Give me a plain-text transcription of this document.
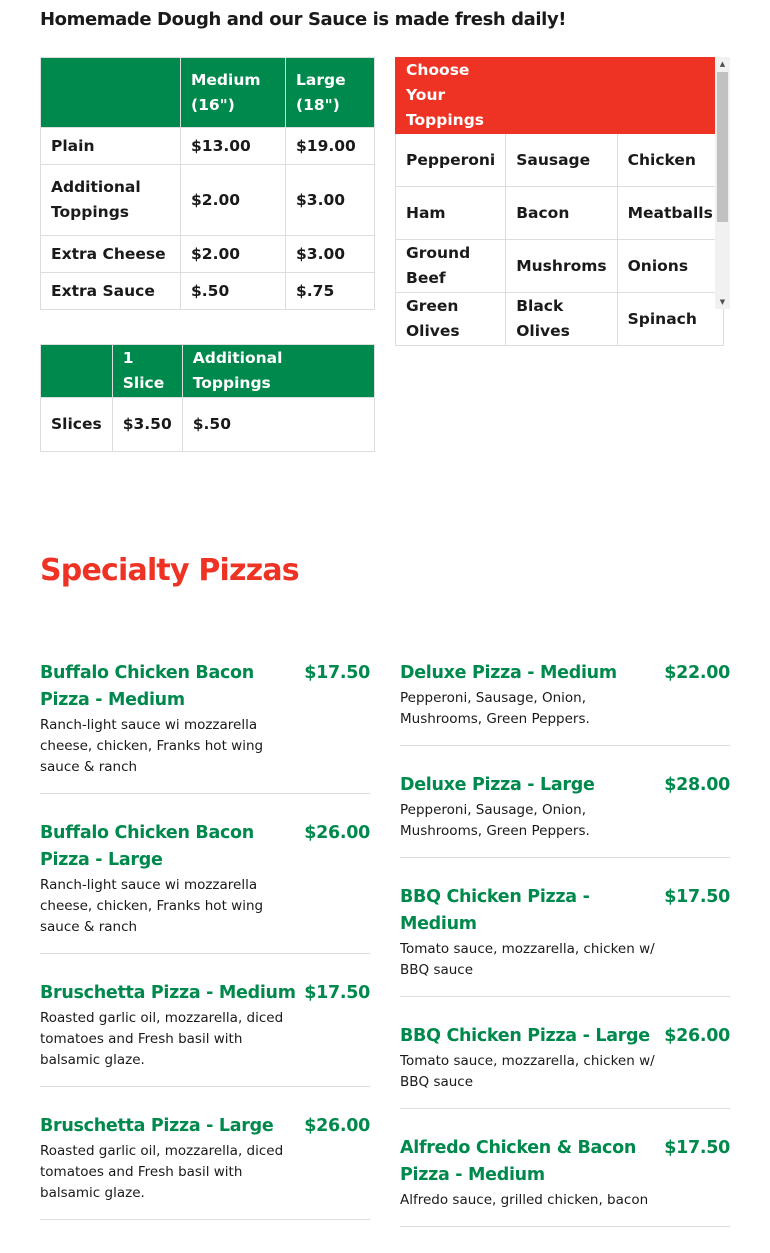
Homemade Dough and our Sauce is made fresh daily!
	Medium (16")	Large (18")
Plain	$13.00	$19.00
Additional Toppings	$2.00	$3.00
Extra Cheese	$2.00	$3.00
Extra Sauce	$.50	$.75
Choose Your Toppings		
Pepperoni	Sausage	Chicken
Ham	Bacon	Meatballs
Ground Beef	Mushroms	Onions
Green Olives	Black Olives	Spinach
▲
▼
	1 Slice	Additional Toppings
Slices	$3.50	$.50
Specialty Pizzas
Buffalo Chicken Bacon Pizza - Medium
$17.50
Ranch-light sauce wi mozzarella cheese, chicken, Franks hot wing sauce & ranch
Buffalo Chicken Bacon Pizza - Large
$26.00
Ranch-light sauce wi mozzarella cheese, chicken, Franks hot wing sauce & ranch
Bruschetta Pizza - Medium $17.50
Roasted garlic oil, mozzarella, diced tomatoes and Fresh basil with balsamic glaze.
Bruschetta Pizza - Large	$26.00
Roasted garlic oil, mozzarella, diced tomatoes and Fresh basil with balsamic glaze.
Deluxe Pizza - Medium	$22.00
Pepperoni, Sausage, Onion, Mushrooms, Green Peppers.
Deluxe Pizza - Large	$28.00
Pepperoni, Sausage, Onion, Mushrooms, Green Peppers.
BBQ Chicken Pizza - Medium
$17.50
Tomato sauce, mozzarella, chicken w/ BBQ sauce
BBQ Chicken Pizza - Large $26.00
Tomato sauce, mozzarella, chicken w/ BBQ sauce
Alfredo Chicken & Bacon Pizza - Medium
$17.50
Alfredo sauce, grilled chicken, bacon
